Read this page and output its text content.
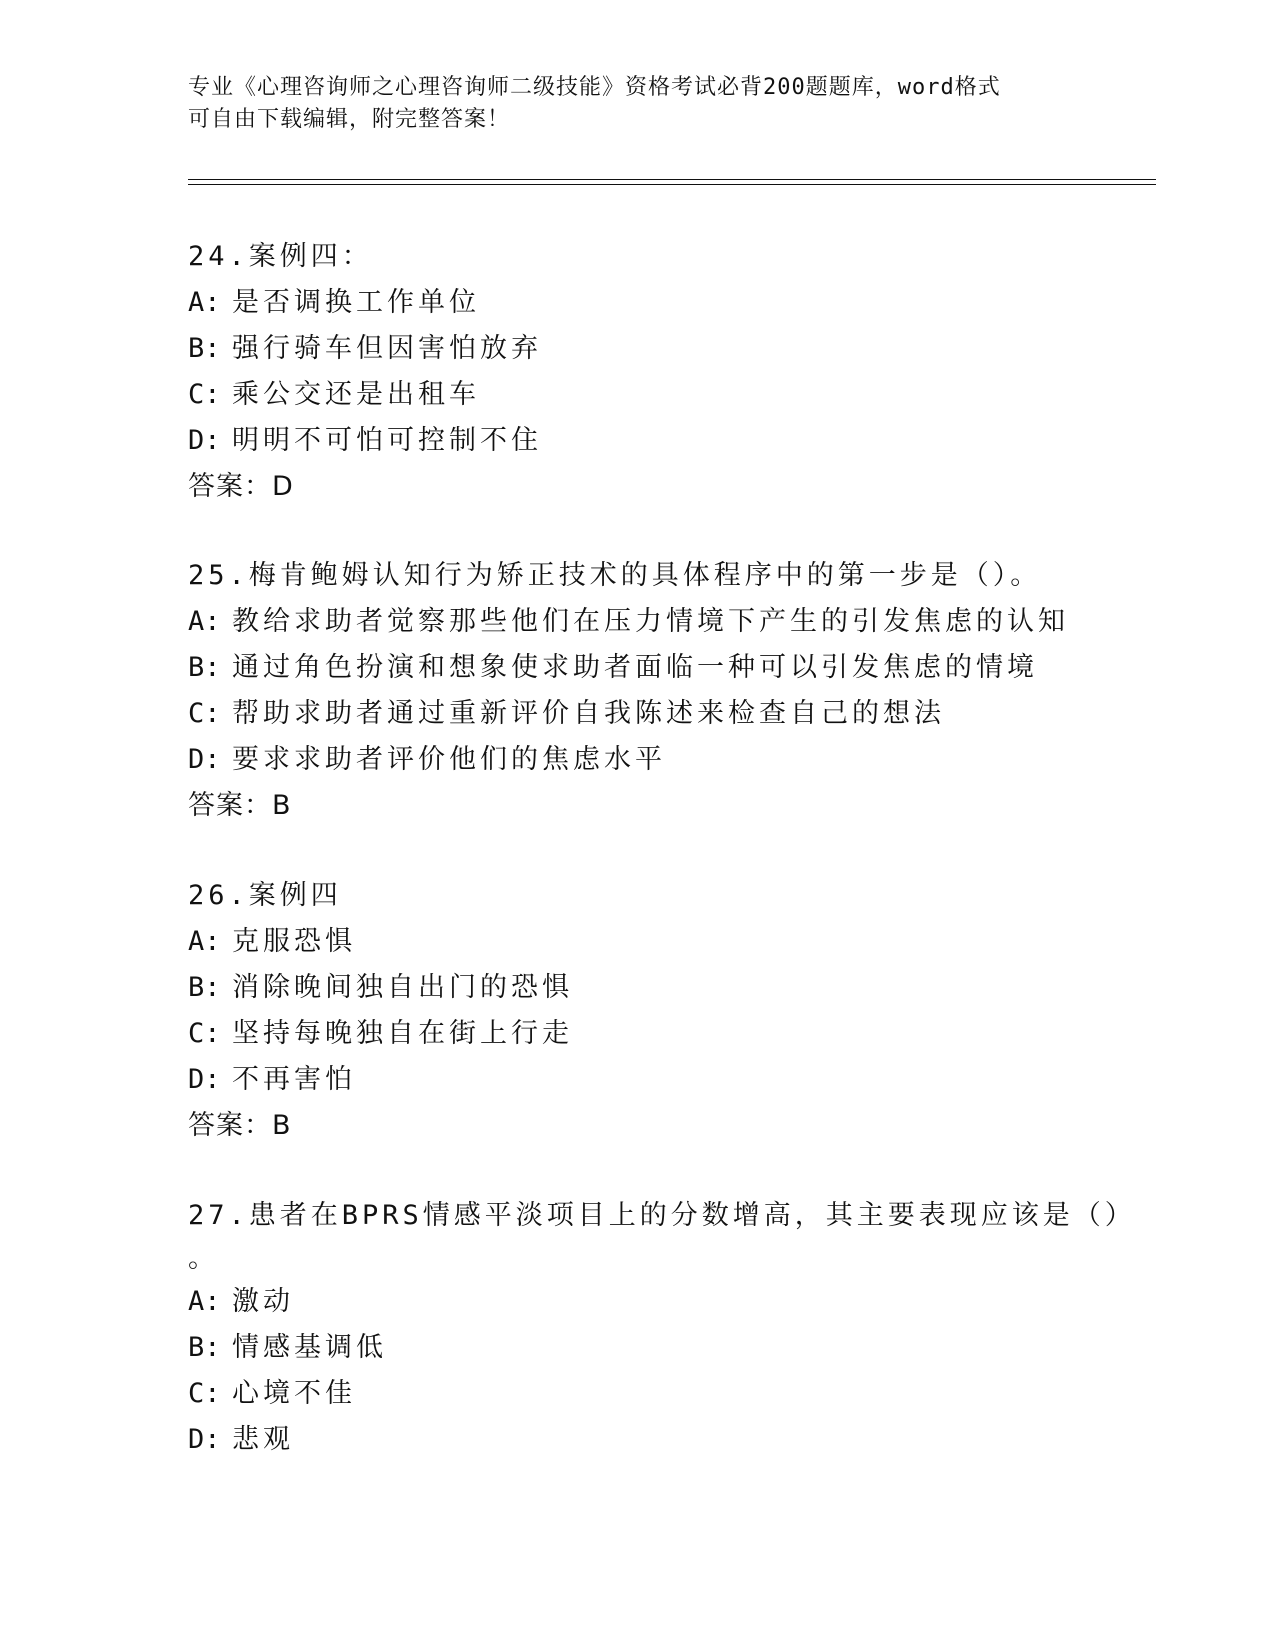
专业《心理咨询师之心理咨询师二级技能》资格考试必背200题题库，word格式
可自由下载编辑，附完整答案！
24.案例四：
A: 是否调换工作单位
B: 强行骑车但因害怕放弃
C: 乘公交还是出租车
D: 明明不可怕可控制不住
答案：D
25.梅肯鲍姆认知行为矫正技术的具体程序中的第一步是（）。
A: 教给求助者觉察那些他们在压力情境下产生的引发焦虑的认知
B: 通过角色扮演和想象使求助者面临一种可以引发焦虑的情境
C: 帮助求助者通过重新评价自我陈述来检查自己的想法
D: 要求求助者评价他们的焦虑水平
答案：B
26.案例四
A: 克服恐惧
B: 消除晚间独自出门的恐惧
C: 坚持每晚独自在街上行走
D: 不再害怕
答案：B
27.患者在BPRS情感平淡项目上的分数增高，其主要表现应该是（）
。
A: 激动
B: 情感基调低
C: 心境不佳
D: 悲观
